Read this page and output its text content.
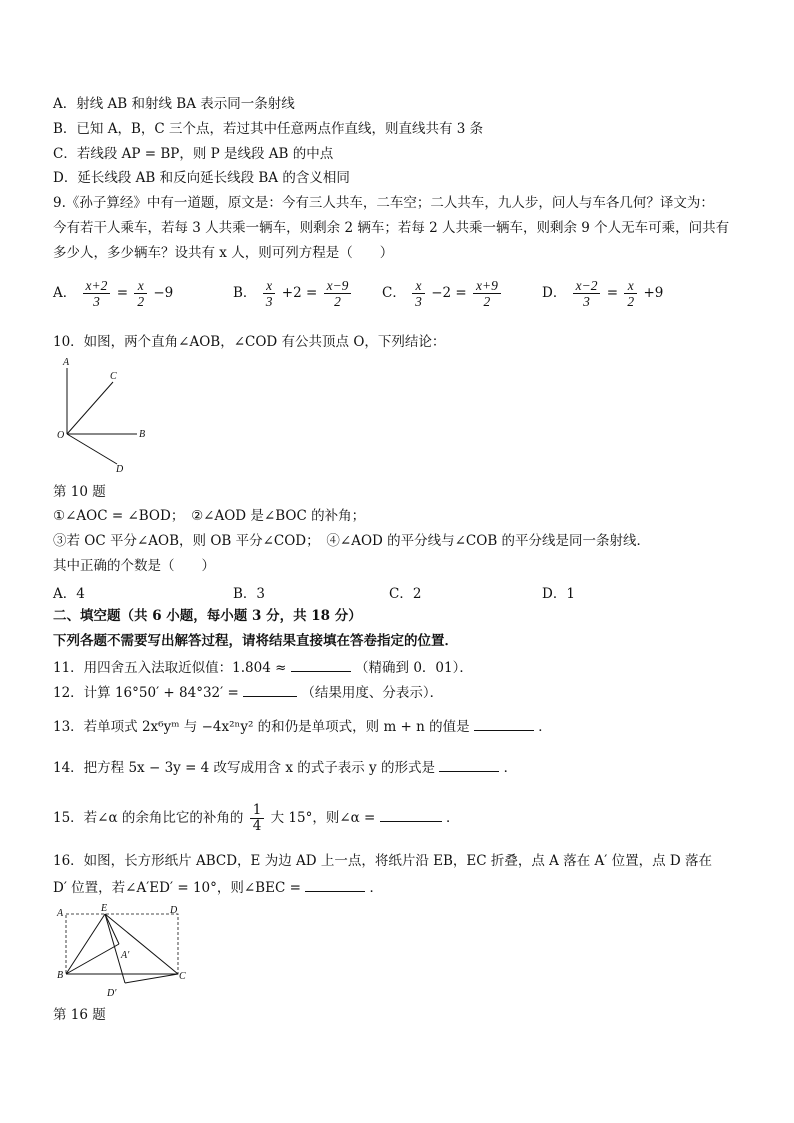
A．射线 AB 和射线 BA 表示同一条射线
B．已知 A，B，C 三个点，若过其中任意两点作直线，则直线共有 3 条
C．若线段 AP = BP，则 P 是线段 AB 的中点
D．延长线段 AB 和反向延长线段 BA 的含义相同
9.《孙子算经》中有一道题，原文是：今有三人共车，二车空；二人共车，九人步，问人与车各几何？译文为：
今有若干人乘车，若每 3 人共乘一辆车，则剩余 2 辆车；若每 2 人共乘一辆车，则剩余 9 个人无车可乘，问共有
多少人，多少辆车？设共有 x 人，则可列方程是（　　）
A． $\frac{x+2}{3} = \frac{x}{2} -9$	B． $\frac{x}{3} +2 = \frac{x-9}{2}$ C． $\frac{x}{3} -2 = \frac{x+9}{2}$	D． $\frac{x-2}{3} = \frac{x}{2} +9$
10．如图，两个直角∠AOB，∠COD 有公共顶点 O，下列结论：
A
C
O	B
D
第 10 题
①∠AOC = ∠BOD；　②∠AOD 是∠BOC 的补角；
③若 OC 平分∠AOB，则 OB 平分∠COD；　④∠AOD 的平分线与∠COB 的平分线是同一条射线．
其中正确的个数是（　　）
A．4	B．3	C．2	D．1
二、填空题（共 6 小题，每小题 3 分，共 18 分）
下列各题不需要写出解答过程，请将结果直接填在答卷指定的位置．
11．用四舍五入法取近似值：1.804 ≈	（精确到 0．01）．
12．计算 16°50′ + 84°32′ =	（结果用度、分表示）．
13．若单项式 2x⁶yᵐ 与 −4x²ⁿy² 的和仍是单项式，则 m + n 的值是	．
14．把方程 5x − 3y = 4 改写成用含 x 的式子表示 y 的形式是	．
15．若∠α 的余角比它的补角的 $\frac{1}{4}$ 大 15°，则∠α =	．
16．如图，长方形纸片 ABCD，E 为边 AD 上一点，将纸片沿 EB，EC 折叠，点 A 落在 A′ 位置，点 D 落在
D′ 位置，若∠A′ED′ = 10°，则∠BEC =	．
A	E	D
A′
B	C
D′
第 16 题
